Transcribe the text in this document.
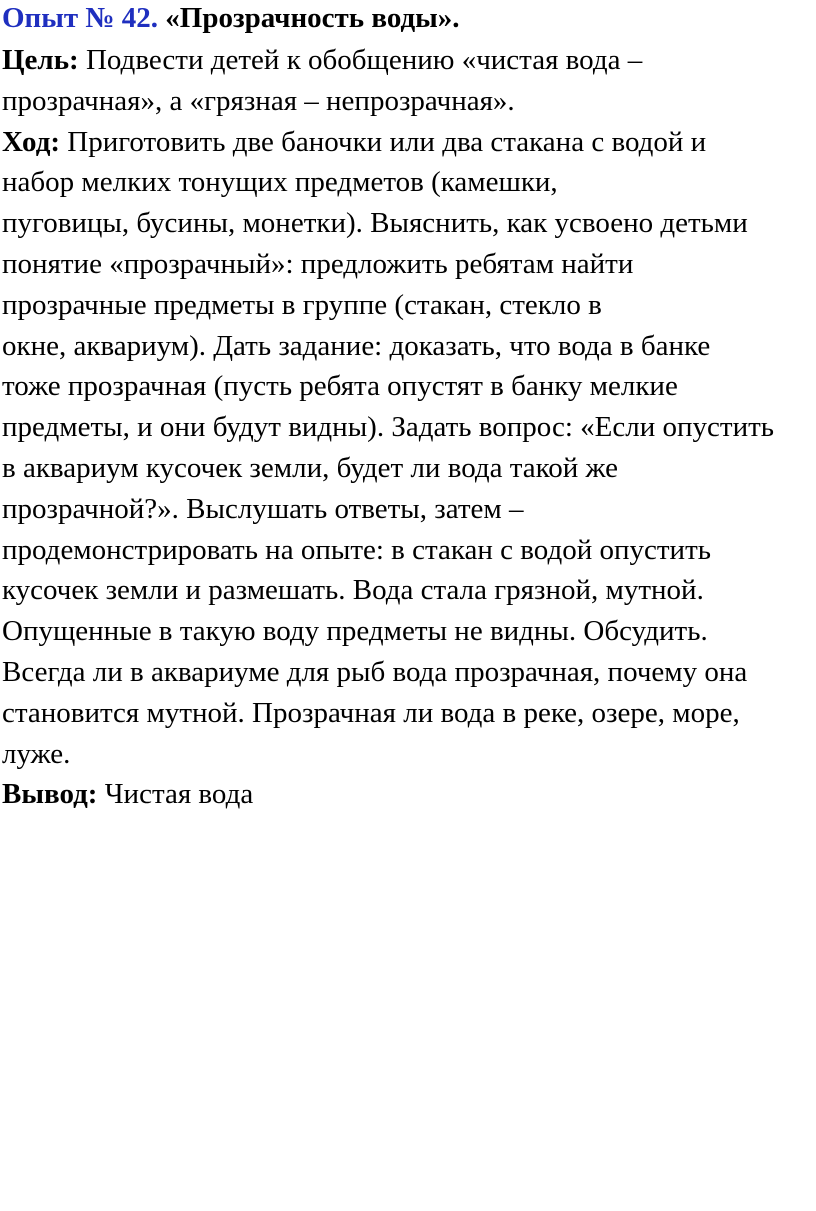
Опыт № 42. «Прозрачность воды».

Цель: Подвести детей к обобщению «чистая вода –
прозрачная», а «грязная – непрозрачная».

Ход: Приготовить две баночки или два стакана с водой и
набор мелких тонущих предметов (камешки,
пуговицы, бусины, монетки). Выяснить, как усвоено детьми
понятие «прозрачный»: предложить ребятам найти
прозрачные предметы в группе (стакан, стекло в
окне, аквариум). Дать задание: доказать, что вода в банке
тоже прозрачная (пусть ребята опустят в банку мелкие
предметы, и они будут видны). Задать вопрос: «Если опустить
в аквариум кусочек земли, будет ли вода такой же
прозрачной?». Выслушать ответы, затем –
продемонстрировать на опыте: в стакан с водой опустить
кусочек земли и размешать. Вода стала грязной, мутной.
Опущенные в такую воду предметы не видны. Обсудить.
Всегда ли в аквариуме для рыб вода прозрачная, почему она
становится мутной. Прозрачная ли вода в реке, озере, море,
луже.

Вывод: Чистая вода
